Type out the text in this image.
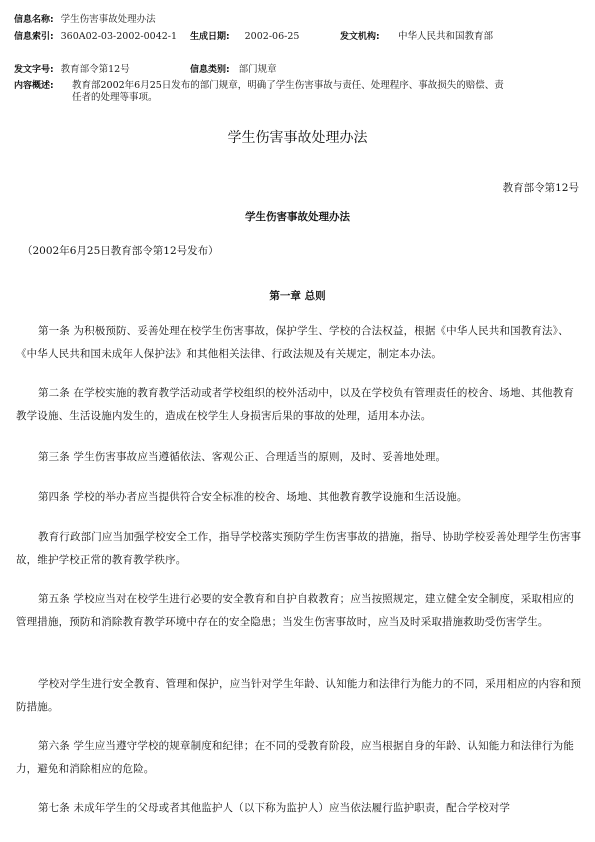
信息名称: 学生伤害事故处理办法
信息索引: 360A02-03-2002-0042-1 生成日期: 2002-06-25	发文机构: 中华人民共和国教育部
发文字号: 教育部令第12号	信息类别: 部门规章
内容概述: 教育部2002年6月25日发布的部门规章，明确了学生伤害事故与责任、处理程序、事故损失的赔偿、责任者的处理等事项。
学生伤害事故处理办法
教育部令第12号
学生伤害事故处理办法
（2002年6月25日教育部令第12号发布）
第一章 总则
第一条 为积极预防、妥善处理在校学生伤害事故，保护学生、学校的合法权益，根据《中华人民共和国教育法》、《中华人民共和国未成年人保护法》和其他相关法律、行政法规及有关规定，制定本办法。
第二条 在学校实施的教育教学活动或者学校组织的校外活动中，以及在学校负有管理责任的校舍、场地、其他教育教学设施、生活设施内发生的，造成在校学生人身损害后果的事故的处理，适用本办法。
第三条 学生伤害事故应当遵循依法、客观公正、合理适当的原则，及时、妥善地处理。
第四条 学校的举办者应当提供符合安全标准的校舍、场地、其他教育教学设施和生活设施。
教育行政部门应当加强学校安全工作，指导学校落实预防学生伤害事故的措施，指导、协助学校妥善处理学生伤害事故，维护学校正常的教育教学秩序。
第五条 学校应当对在校学生进行必要的安全教育和自护自救教育；应当按照规定，建立健全安全制度，采取相应的管理措施，预防和消除教育教学环境中存在的安全隐患；当发生伤害事故时，应当及时采取措施救助受伤害学生。
学校对学生进行安全教育、管理和保护，应当针对学生年龄、认知能力和法律行为能力的不同，采用相应的内容和预防措施。
第六条 学生应当遵守学校的规章制度和纪律；在不同的受教育阶段，应当根据自身的年龄、认知能力和法律行为能力，避免和消除相应的危险。
第七条 未成年学生的父母或者其他监护人（以下称为监护人）应当依法履行监护职责，配合学校对学
